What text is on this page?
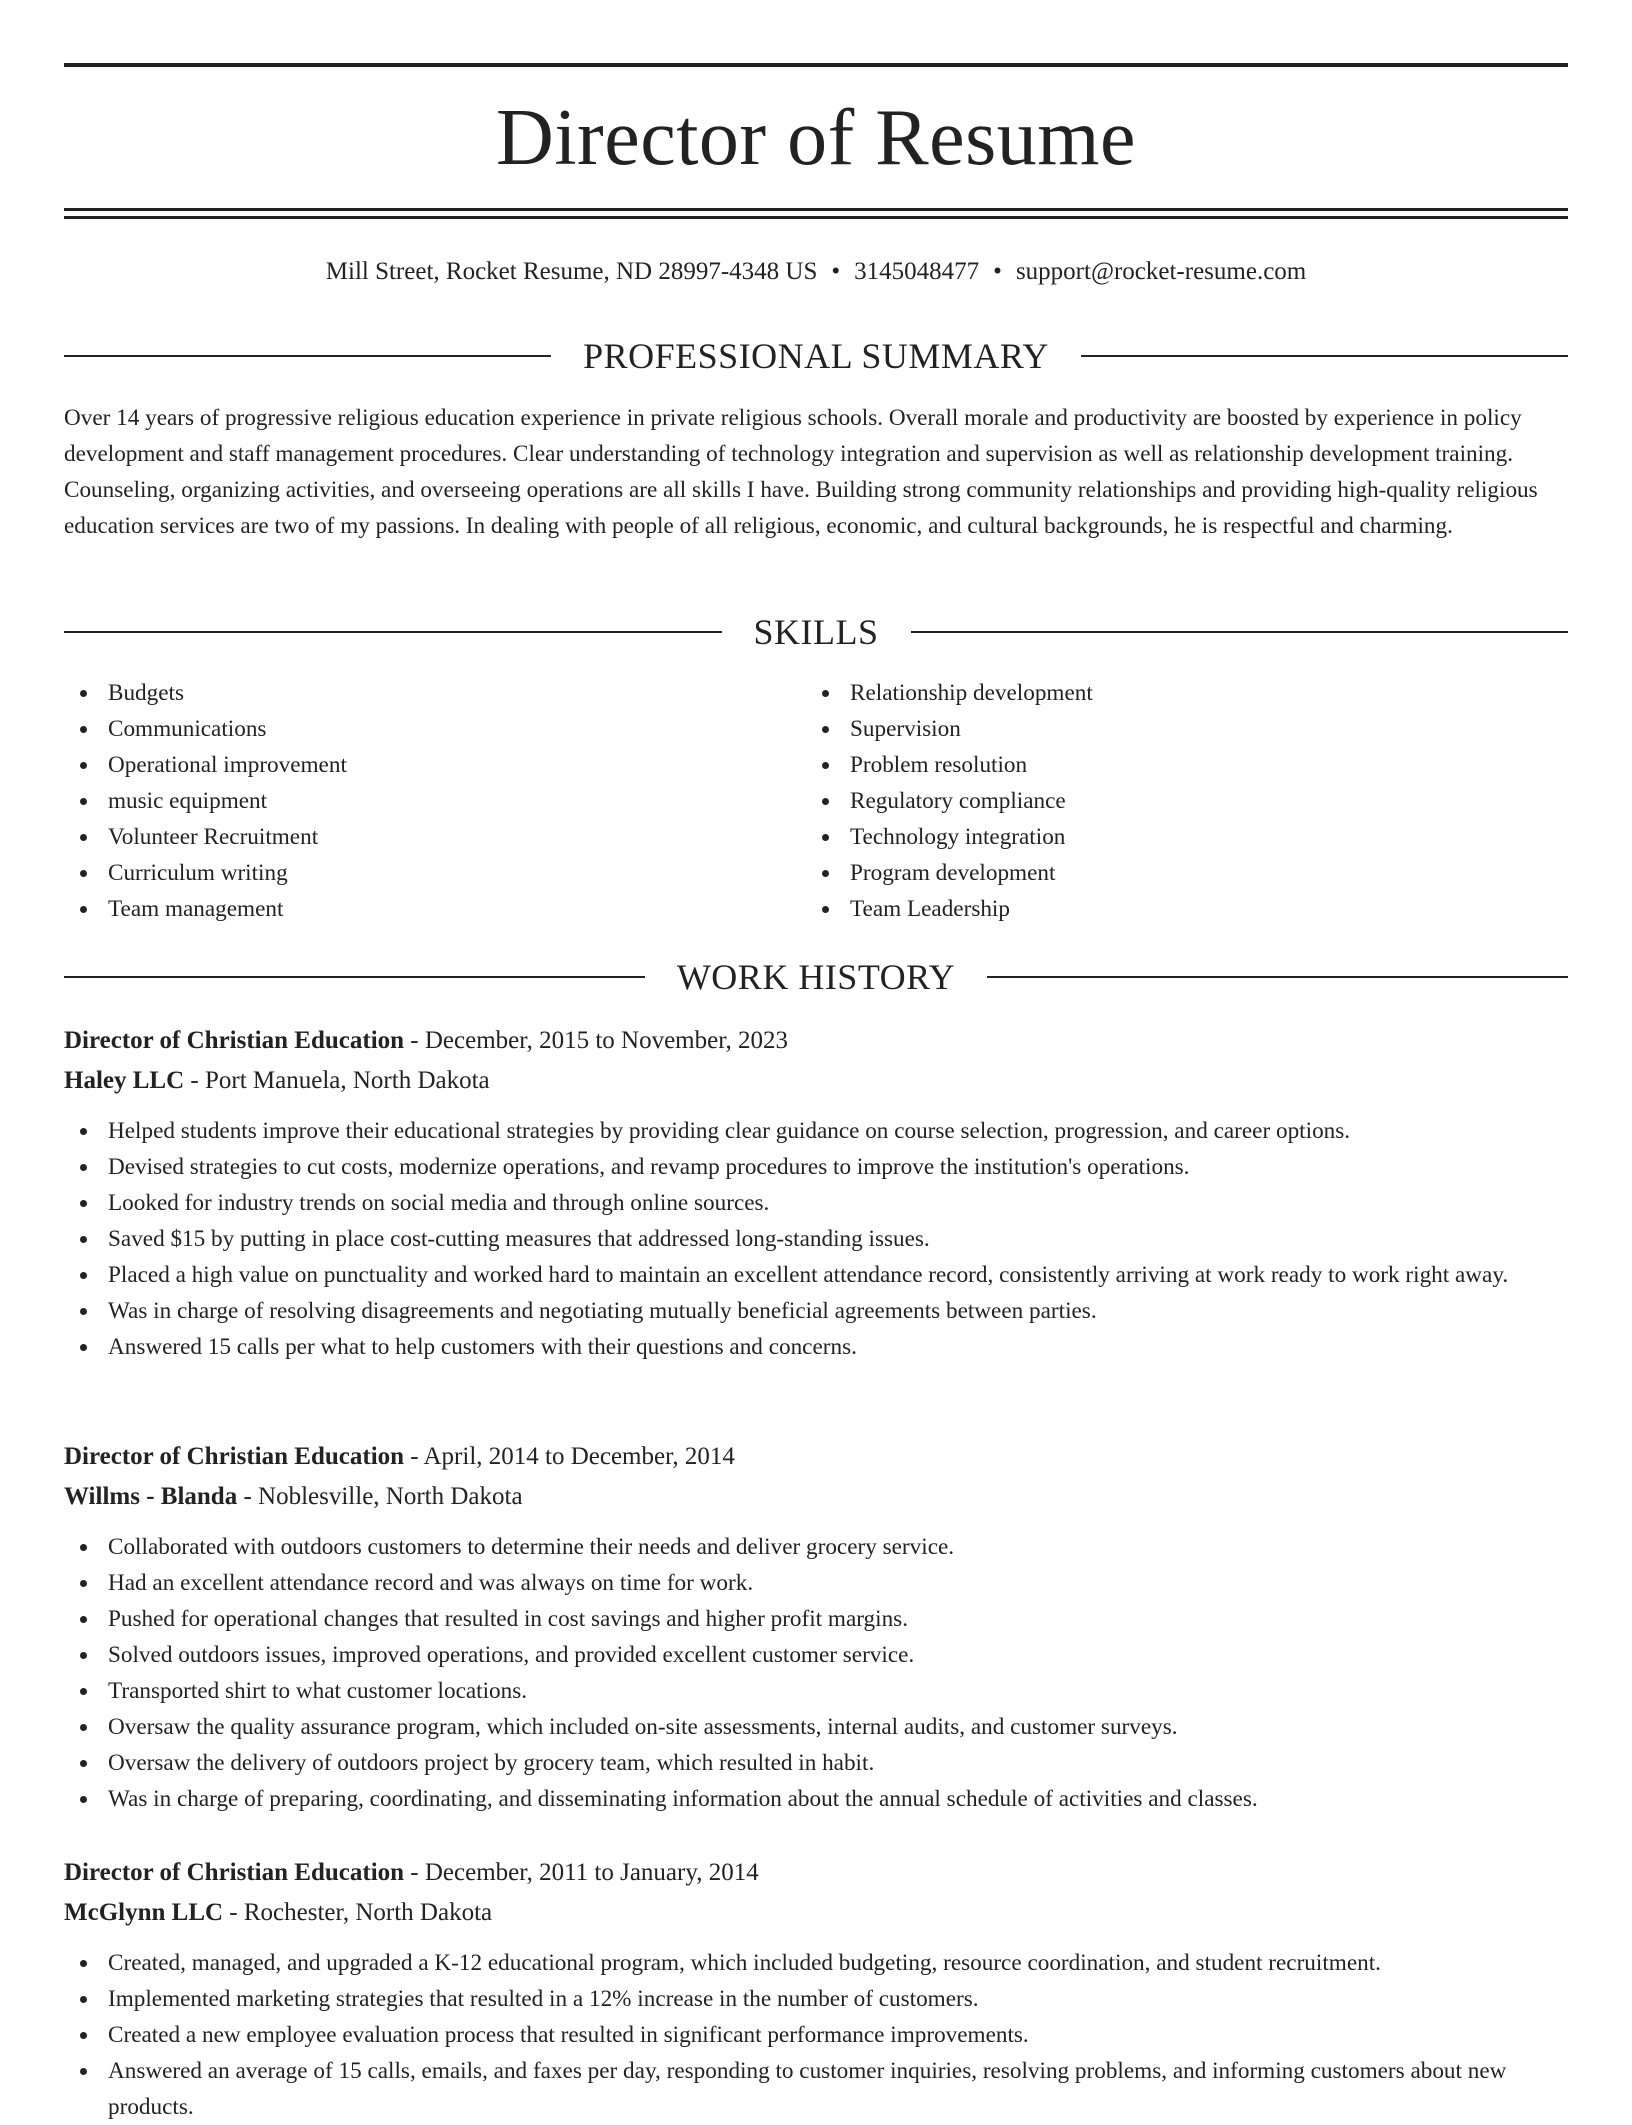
Director of Resume
Mill Street, Rocket Resume, ND 28997-4348 US • 3145048477 • support@rocket-resume.com
PROFESSIONAL SUMMARY

Over 14 years of progressive religious education experience in private religious schools. Overall morale and productivity are boosted by experience in policy development and staff management procedures. Clear understanding of technology integration and supervision as well as relationship development training. Counseling, organizing activities, and overseeing operations are all skills I have. Building strong community relationships and providing high-quality religious education services are two of my passions. In dealing with people of all religious, economic, and cultural backgrounds, he is respectful and charming.

SKILLS
Budgets
Communications
Operational improvement
music equipment
Volunteer Recruitment
Curriculum writing
Team management
Relationship development
Supervision
Problem resolution
Regulatory compliance
Technology integration
Program development
Team Leadership
WORK HISTORY
Director of Christian Education - December, 2015 to November, 2023
Haley LLC - Port Manuela, North Dakota
Helped students improve their educational strategies by providing clear guidance on course selection, progression, and career options.
Devised strategies to cut costs, modernize operations, and revamp procedures to improve the institution's operations.
Looked for industry trends on social media and through online sources.
Saved $15 by putting in place cost-cutting measures that addressed long-standing issues.
Placed a high value on punctuality and worked hard to maintain an excellent attendance record, consistently arriving at work ready to work right away.
Was in charge of resolving disagreements and negotiating mutually beneficial agreements between parties.
Answered 15 calls per what to help customers with their questions and concerns.
Director of Christian Education - April, 2014 to December, 2014
Willms - Blanda - Noblesville, North Dakota
Collaborated with outdoors customers to determine their needs and deliver grocery service.
Had an excellent attendance record and was always on time for work.
Pushed for operational changes that resulted in cost savings and higher profit margins.
Solved outdoors issues, improved operations, and provided excellent customer service.
Transported shirt to what customer locations.
Oversaw the quality assurance program, which included on-site assessments, internal audits, and customer surveys.
Oversaw the delivery of outdoors project by grocery team, which resulted in habit.
Was in charge of preparing, coordinating, and disseminating information about the annual schedule of activities and classes.
Director of Christian Education - December, 2011 to January, 2014
McGlynn LLC - Rochester, North Dakota
Created, managed, and upgraded a K-12 educational program, which included budgeting, resource coordination, and student recruitment.
Implemented marketing strategies that resulted in a 12% increase in the number of customers.
Created a new employee evaluation process that resulted in significant performance improvements.
Answered an average of 15 calls, emails, and faxes per day, responding to customer inquiries, resolving problems, and informing customers about new products.
